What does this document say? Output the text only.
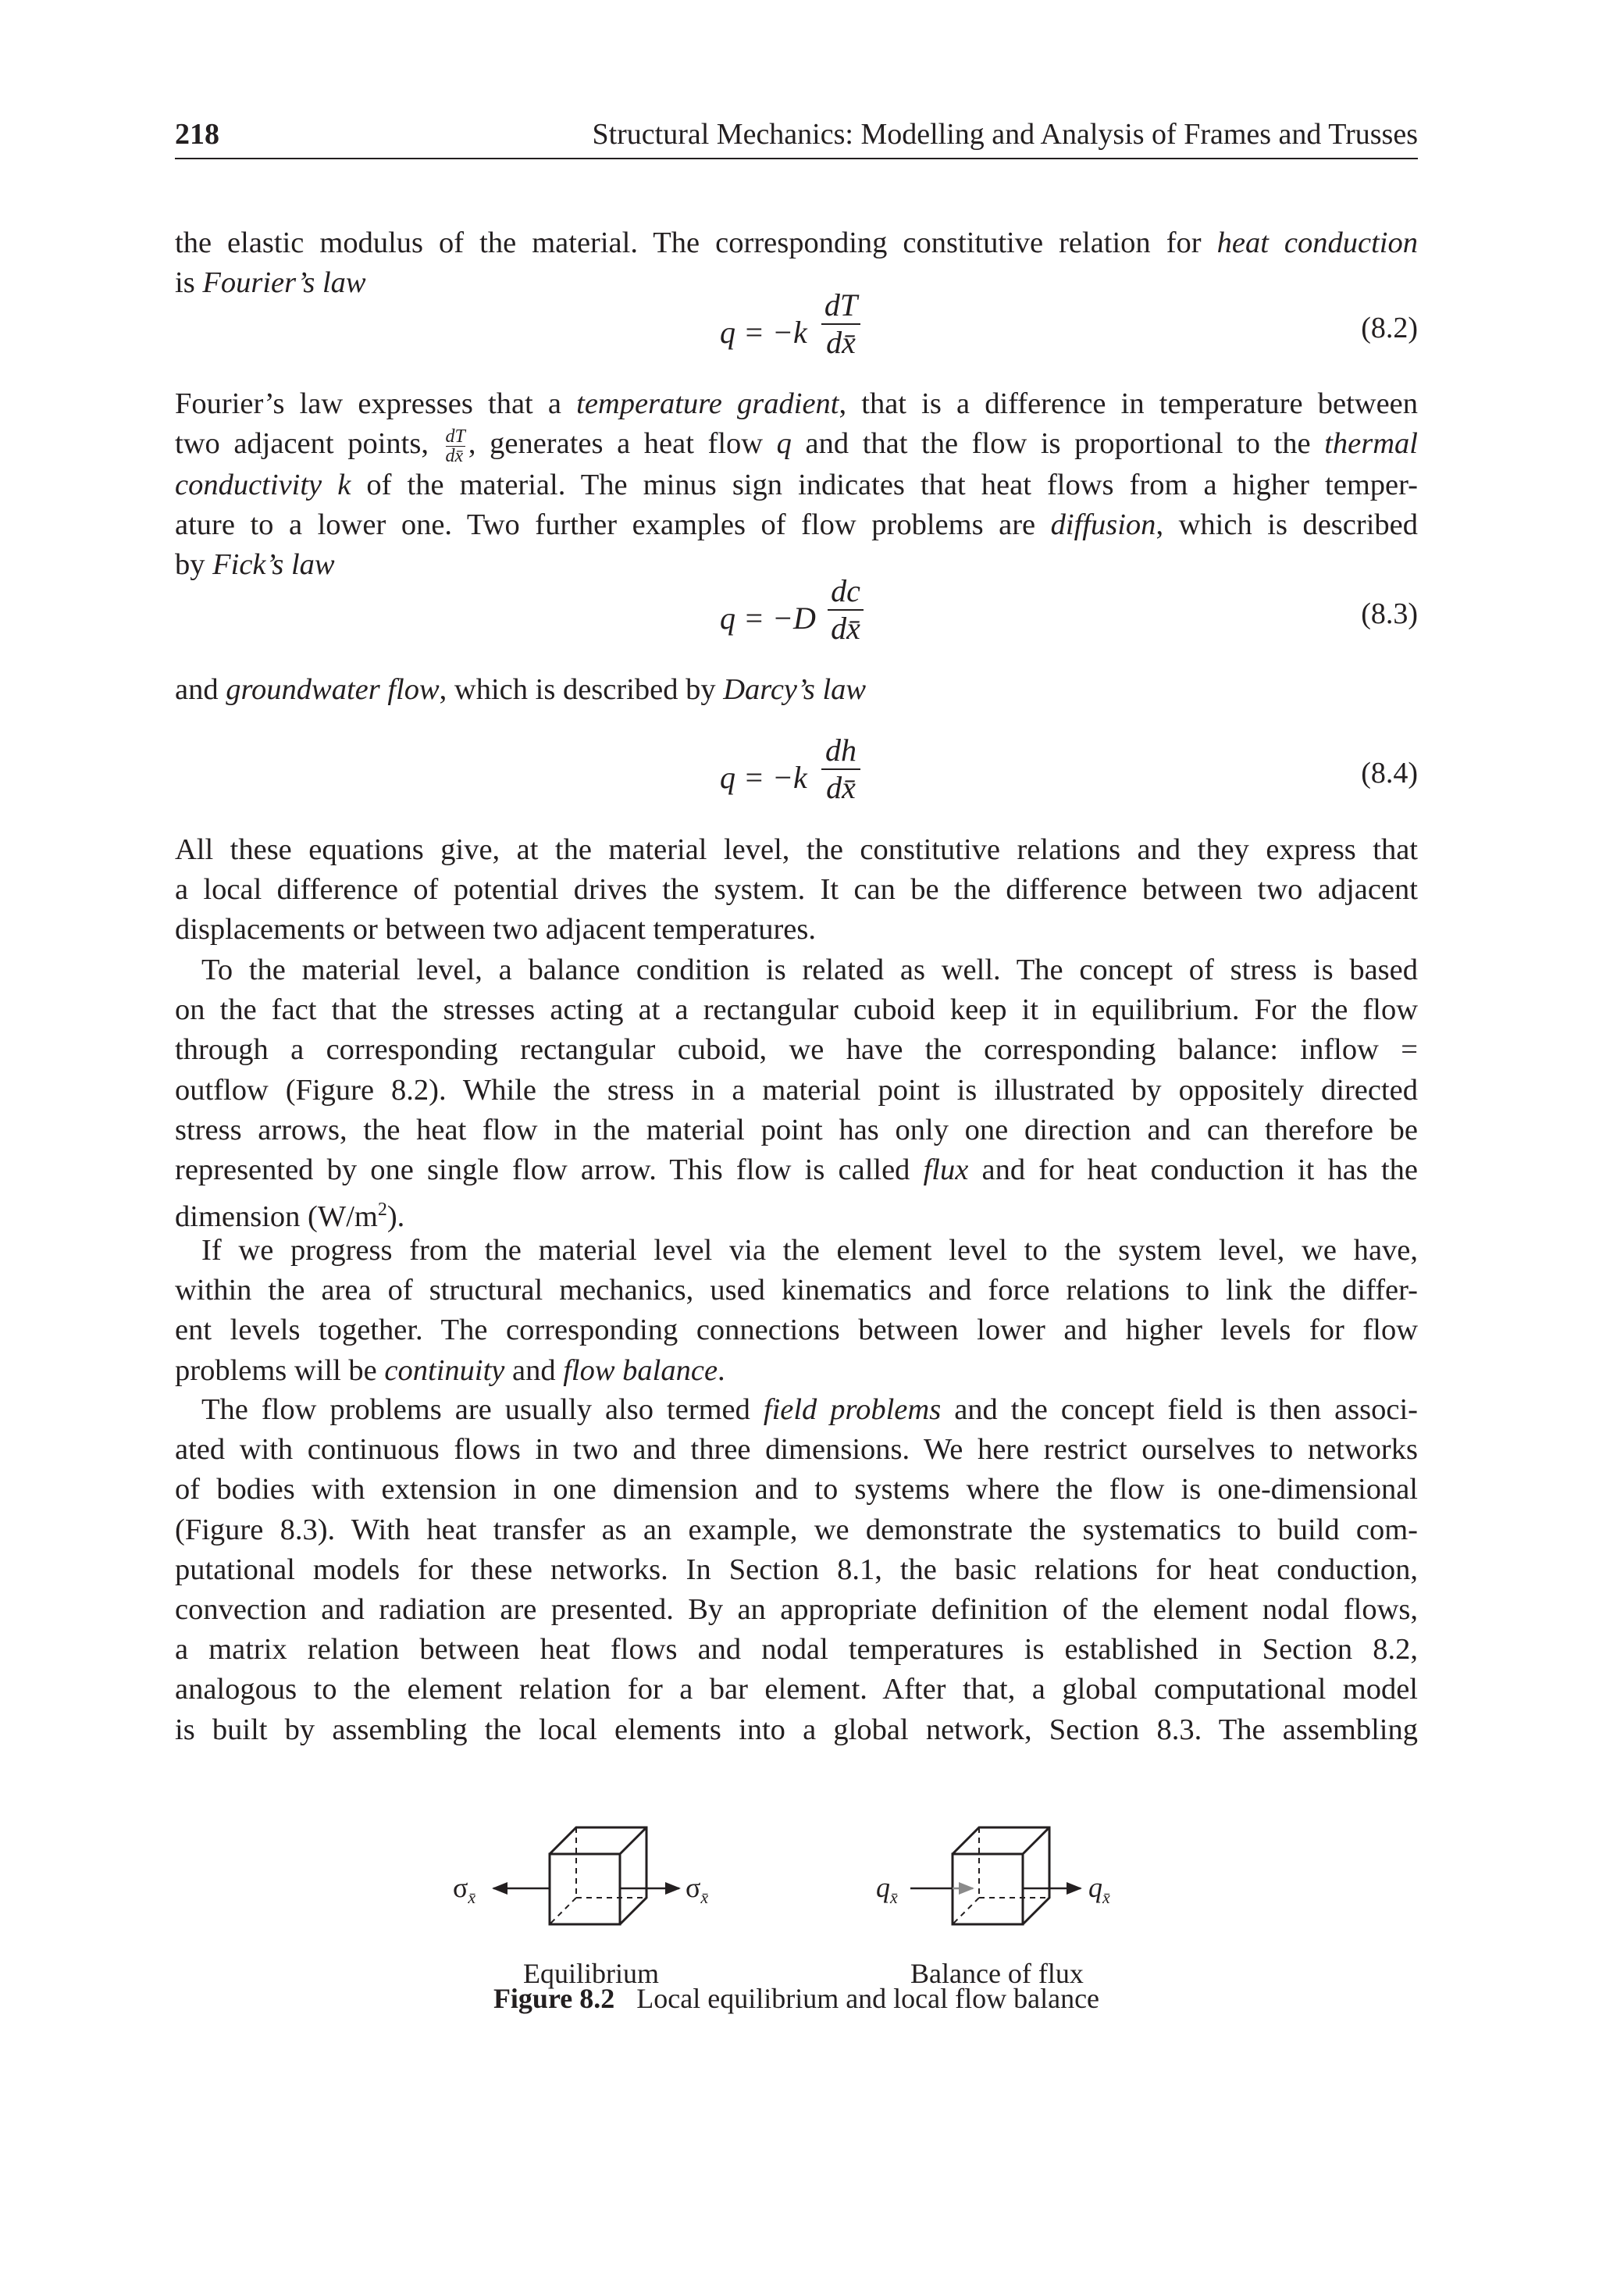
218	Structural Mechanics: Modelling and Analysis of Frames and Trusses
the elastic modulus of the material. The corresponding constitutive relation for heat conduction
is Fourier’s law
q = −k
dT
dx̄	(8.2)
Fourier’s law expresses that a temperature gradient, that is a difference in temperature between
two adjacent points, $\frac{dT}{dx̄}$ , generates a heat flow q and that the flow is proportional to the thermal
conductivity k of the material. The minus sign indicates that heat flows from a higher temper-
ature to a lower one. Two further examples of flow problems are diffusion, which is described
by Fick’s law
q = −D
dc
dx̄	(8.3)
and groundwater flow, which is described by Darcy’s law
q = −k
dh
dx̄	(8.4)
All these equations give, at the material level, the constitutive relations and they express that
a local difference of potential drives the system. It can be the difference between two adjacent
displacements or between two adjacent temperatures.
To the material level, a balance condition is related as well. The concept of stress is based
on the fact that the stresses acting at a rectangular cuboid keep it in equilibrium. For the flow
through a corresponding rectangular cuboid, we have the corresponding balance: inflow =
outflow (Figure 8.2). While the stress in a material point is illustrated by oppositely directed
stress arrows, the heat flow in the material point has only one direction and can therefore be
represented by one single flow arrow. This flow is called flux and for heat conduction it has the
dimension $(W/m^2)$.
If we progress from the material level via the element level to the system level, we have,
within the area of structural mechanics, used kinematics and force relations to link the differ-
ent levels together. The corresponding connections between lower and higher levels for flow
problems will be continuity and flow balance.
The flow problems are usually also termed field problems and the concept field is then associ-
ated with continuous flows in two and three dimensions. We here restrict ourselves to networks
of bodies with extension in one dimension and to systems where the flow is one-dimensional
(Figure 8.3). With heat transfer as an example, we demonstrate the systematics to build com-
putational models for these networks. In Section 8.1, the basic relations for heat conduction,
convection and radiation are presented. By an appropriate definition of the element nodal flows,
a matrix relation between heat flows and nodal temperatures is established in Section 8.2,
analogous to the element relation for a bar element. After that, a global computational model
is built by assembling the local elements into a global network, Section 8.3. The assembling
$\sigma_{x̄}$	$\sigma_{x̄}$	$q_{x̄}$	$q_{x̄}$
Equilibrium	Balance of flux
Figure 8.2 Local equilibrium and local flow balance
